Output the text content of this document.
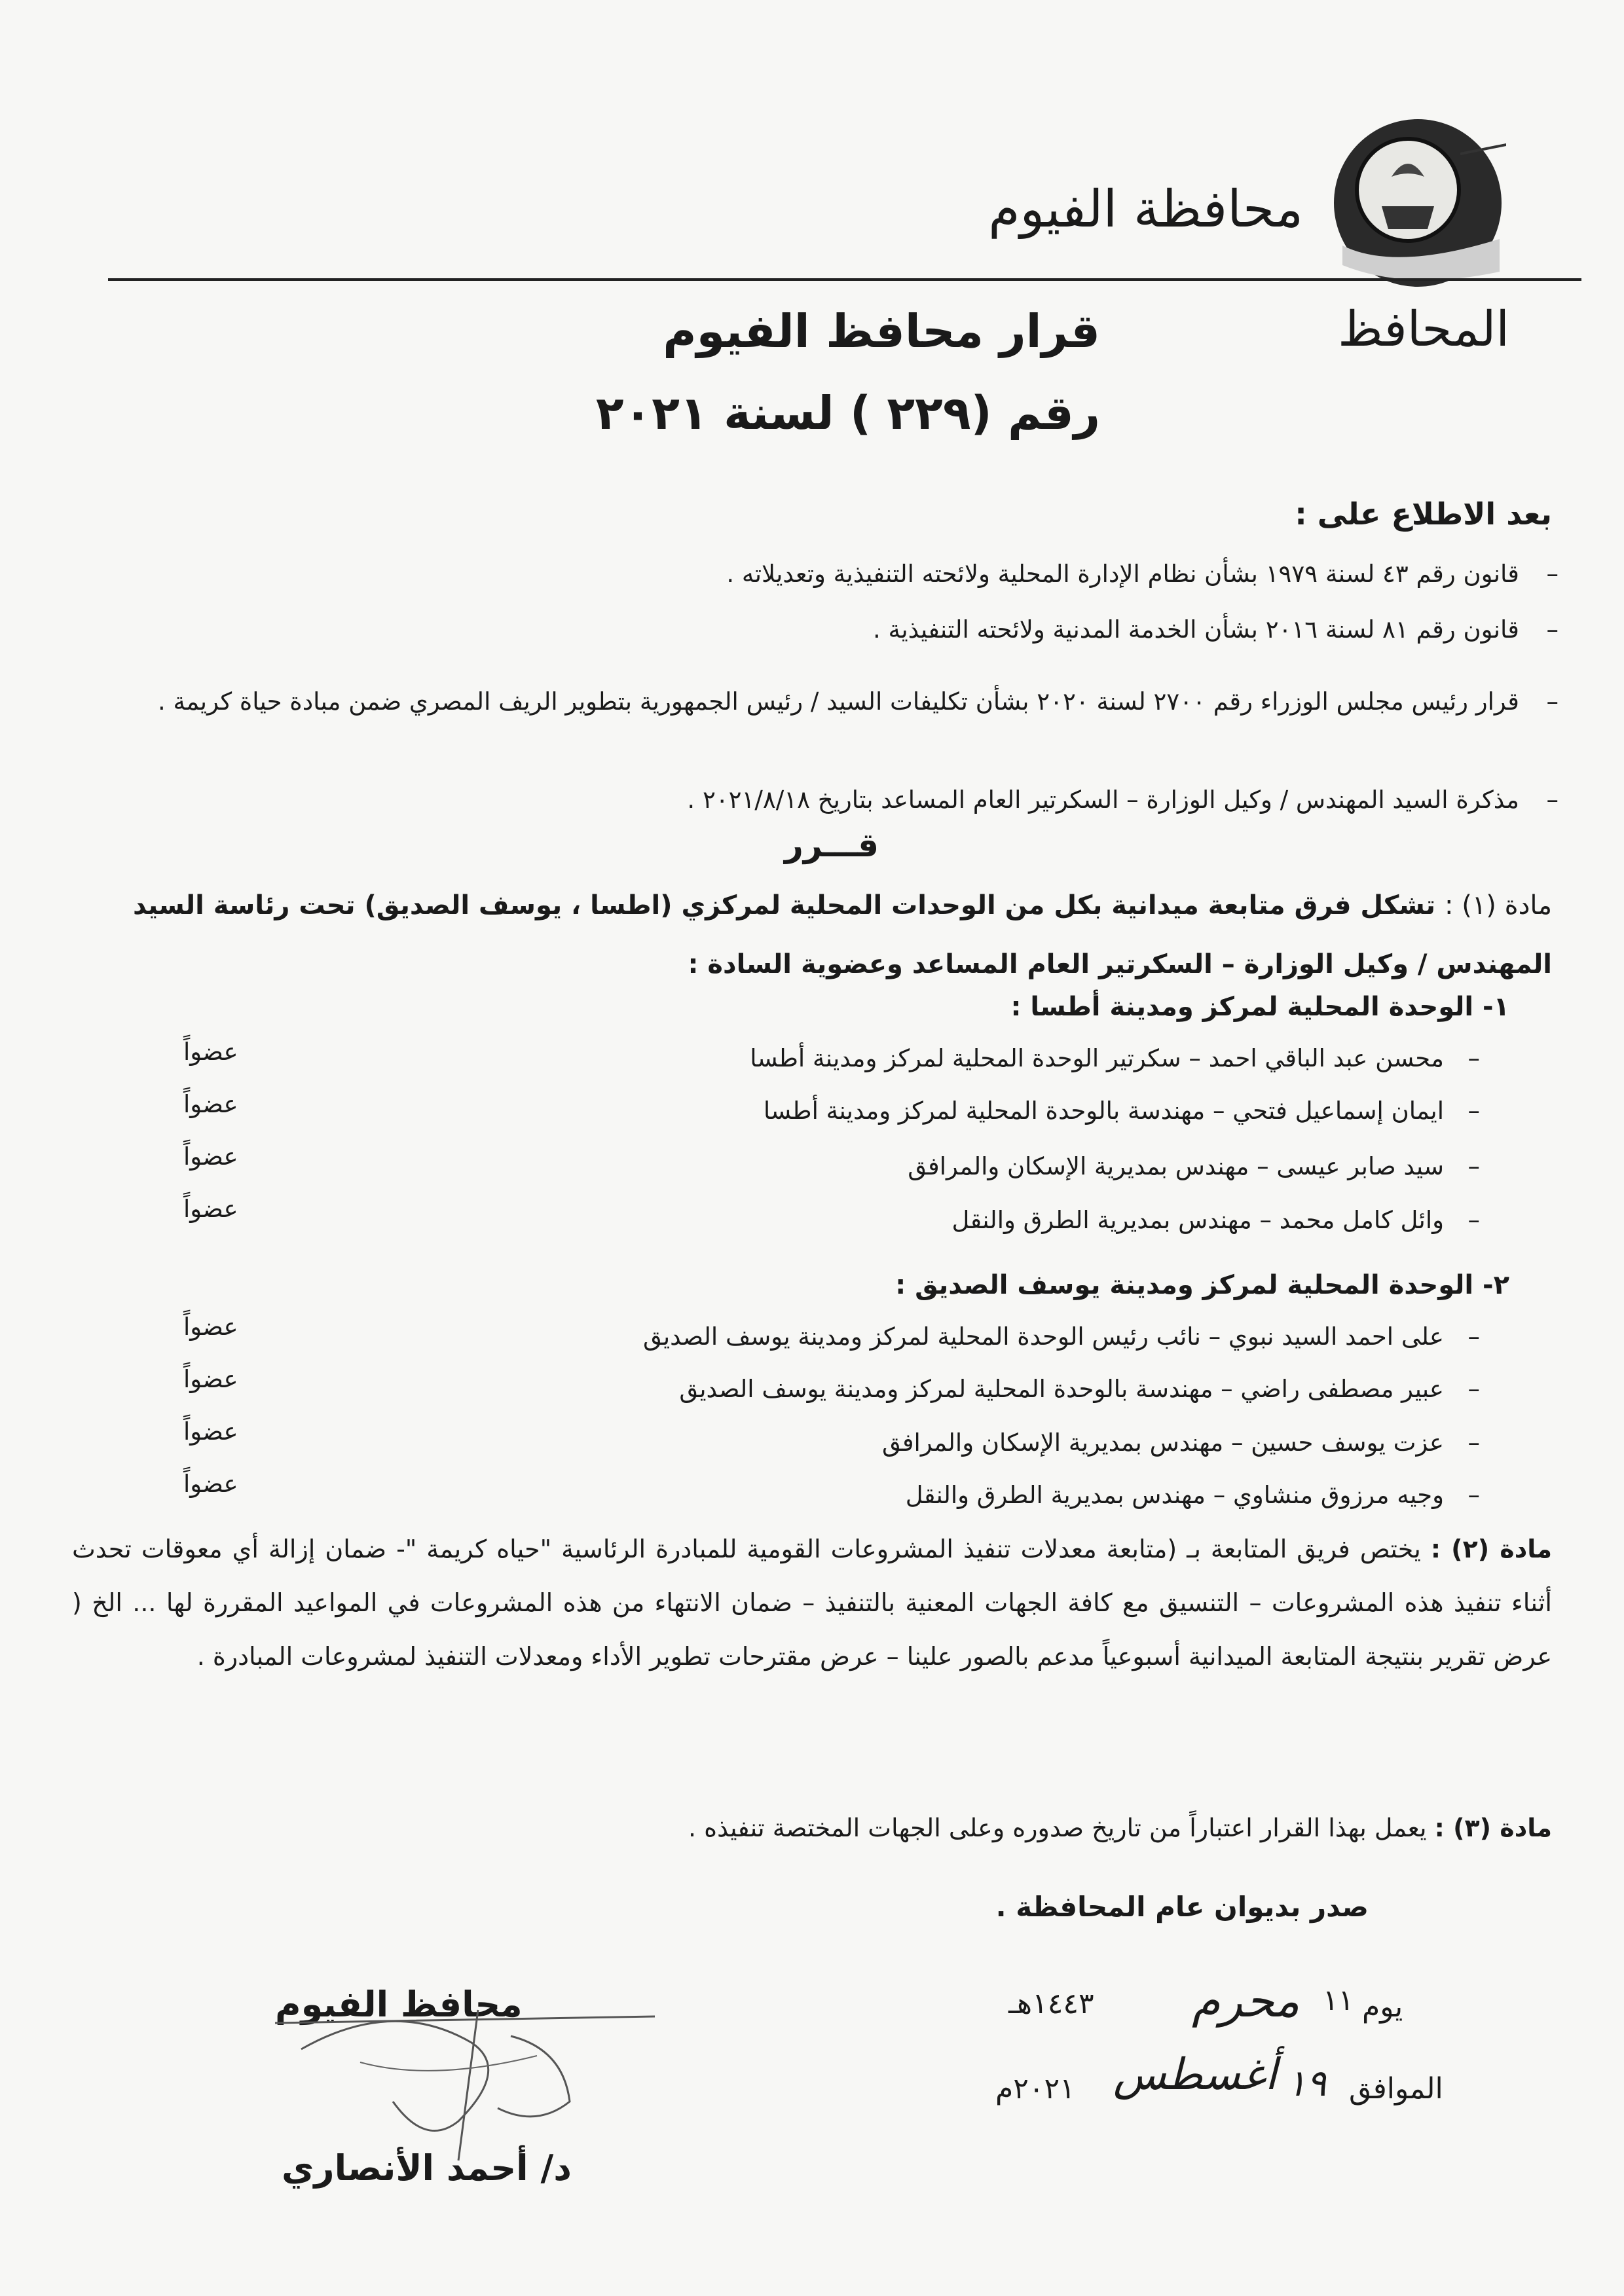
محافظة الفيوم
المحافظ
قرار محافظ الفيوم
رقم (٢٢٩ ) لسنة ٢٠٢١
بعد الاطلاع على :
– قانون رقم ٤٣ لسنة ١٩٧٩ بشأن نظام الإدارة المحلية ولائحته التنفيذية وتعديلاته .
– قانون رقم ٨١ لسنة ٢٠١٦ بشأن الخدمة المدنية ولائحته التنفيذية .
– قرار رئيس مجلس الوزراء رقم ٢٧٠٠ لسنة ٢٠٢٠ بشأن تكليفات السيد / رئيس الجمهورية بتطوير الريف المصري ضمن مبادة حياة كريمة .
– مذكرة السيد المهندس / وكيل الوزارة – السكرتير العام المساعد بتاريخ ٢٠٢١/٨/١٨ .
قـــرر
مادة (١) : تشكل فرق متابعة ميدانية بكل من الوحدات المحلية لمركزي (اطسا ، يوسف الصديق) تحت رئاسة السيد المهندس / وكيل الوزارة – السكرتير العام المساعد وعضوية السادة :
١- الوحدة المحلية لمركز ومدينة أطسا :
– محسن عبد الباقي احمد – سكرتير الوحدة المحلية لمركز ومدينة أطسا
عضواً
– ايمان إسماعيل فتحي – مهندسة بالوحدة المحلية لمركز ومدينة أطسا
عضواً
– سيد صابر عيسى – مهندس بمديرية الإسكان والمرافق
عضواً
– وائل كامل محمد – مهندس بمديرية الطرق والنقل
عضواً
٢- الوحدة المحلية لمركز ومدينة يوسف الصديق :
– على احمد السيد نبوي – نائب رئيس الوحدة المحلية لمركز ومدينة يوسف الصديق
عضواً
– عبير مصطفى راضي – مهندسة بالوحدة المحلية لمركز ومدينة يوسف الصديق
عضواً
– عزت يوسف حسين – مهندس بمديرية الإسكان والمرافق
عضواً
– وجيه مرزوق منشاوي – مهندس بمديرية الطرق والنقل
عضواً
مادة (٢) : يختص فريق المتابعة بـ (متابعة معدلات تنفيذ المشروعات القومية للمبادرة الرئاسية "حياه كريمة "- ضمان إزالة أي معوقات تحدث أثناء تنفيذ هذه المشروعات – التنسيق مع كافة الجهات المعنية بالتنفيذ – ضمان الانتهاء من هذه المشروعات في المواعيد المقررة لها ... الخ ( عرض تقرير بنتيجة المتابعة الميدانية أسبوعياً مدعم بالصور علينا – عرض مقترحات تطوير الأداء ومعدلات التنفيذ لمشروعات المبادرة .
مادة (٣) : يعمل بهذا القرار اعتباراً من تاريخ صدوره وعلى الجهات المختصة تنفيذه .
صدر بديوان عام المحافظة .
يوم
١١
محرم
١٤٤٣هـ
الموافق
١٩
أغسطس
٢٠٢١م
محافظ الفيوم
د/ أحمد الأنصاري
